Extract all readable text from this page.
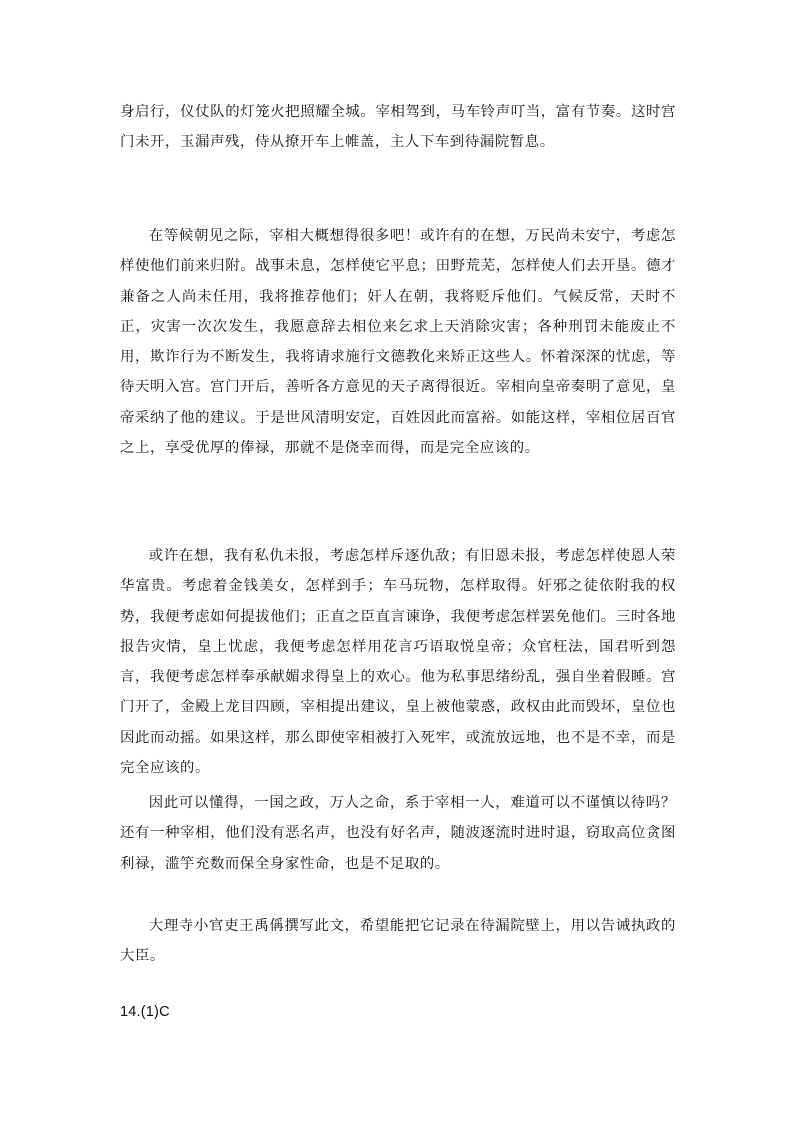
身启行，仪仗队的灯笼火把照耀全城。宰相驾到，马车铃声叮当，富有节奏。这时宫门未开，玉漏声残，侍从撩开车上帷盖，主人下车到待漏院暂息。

在等候朝见之际，宰相大概想得很多吧！或许有的在想，万民尚未安宁，考虑怎样使他们前来归附。战事未息，怎样使它平息；田野荒芜，怎样使人们去开垦。德才兼备之人尚未任用，我将推荐他们；奸人在朝，我将贬斥他们。气候反常，天时不正，灾害一次次发生，我愿意辞去相位来乞求上天消除灾害；各种刑罚未能废止不用，欺诈行为不断发生，我将请求施行文德教化来矫正这些人。怀着深深的忧虑，等待天明入宫。宫门开后，善听各方意见的天子离得很近。宰相向皇帝奏明了意见，皇帝采纳了他的建议。于是世风清明安定，百姓因此而富裕。如能这样，宰相位居百官之上，享受优厚的俸禄，那就不是侥幸而得，而是完全应该的。

或许在想，我有私仇未报，考虑怎样斥逐仇敌；有旧恩未报，考虑怎样使恩人荣华富贵。考虑着金钱美女，怎样到手；车马玩物，怎样取得。奸邪之徒依附我的权势，我便考虑如何提拔他们；正直之臣直言谏诤，我便考虑怎样罢免他们。三时各地报告灾情，皇上忧虑，我便考虑怎样用花言巧语取悦皇帝；众官枉法，国君听到怨言，我便考虑怎样奉承献媚求得皇上的欢心。他为私事思绪纷乱，强自坐着假睡。宫门开了，金殿上龙目四顾，宰相提出建议，皇上被他蒙惑，政权由此而毁坏，皇位也因此而动摇。如果这样，那么即使宰相被打入死牢，或流放远地，也不是不幸，而是完全应该的。

因此可以懂得，一国之政，万人之命，系于宰相一人，难道可以不谨慎以待吗？还有一种宰相，他们没有恶名声，也没有好名声，随波逐流时进时退，窃取高位贪图利禄，滥竽充数而保全身家性命，也是不足取的。

大理寺小官吏王禹偁撰写此文，希望能把它记录在待漏院壁上，用以告诫执政的大臣。

14.(1)C
